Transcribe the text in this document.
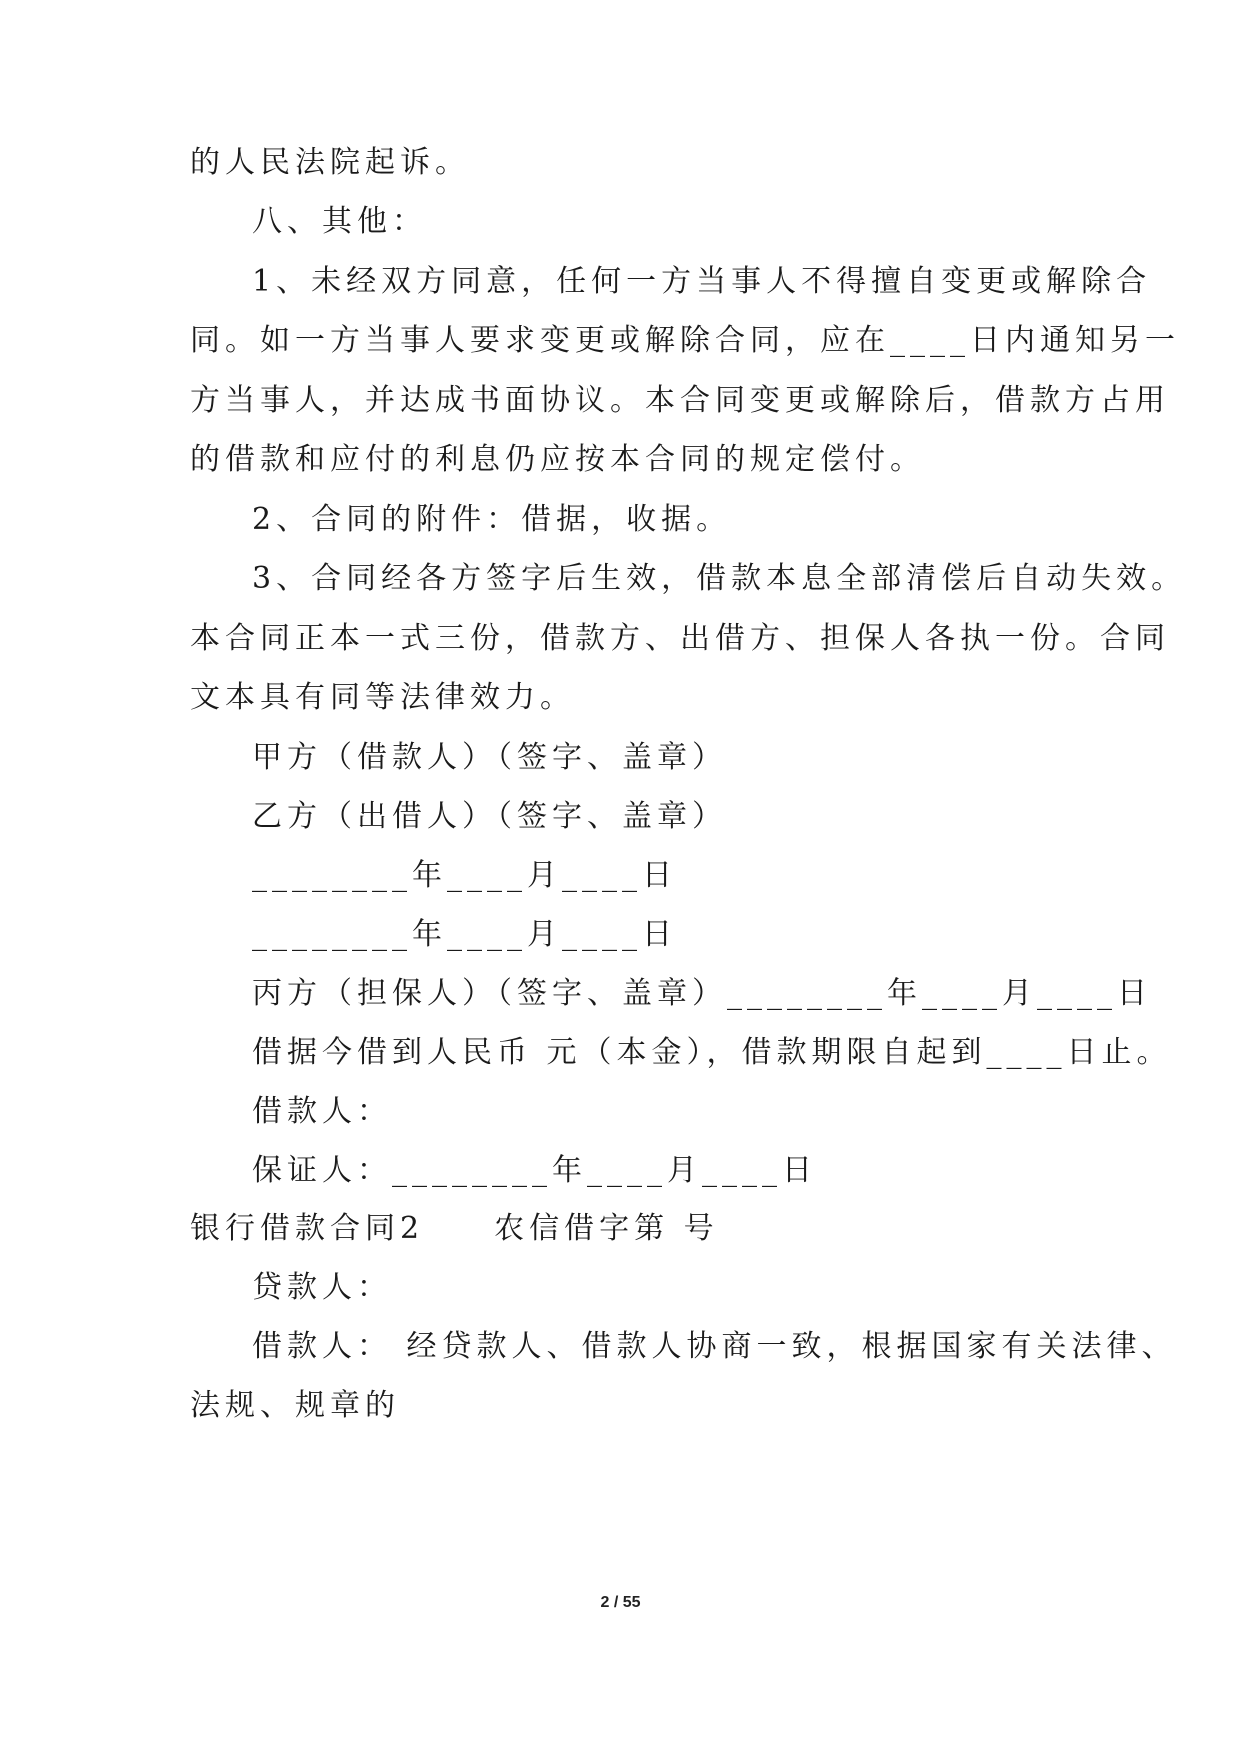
的人民法院起诉。
八、其他：
1、未经双方同意，任何一方当事人不得擅自变更或解除合
同。如一方当事人要求变更或解除合同，应在____日内通知另一
方当事人，并达成书面协议。本合同变更或解除后，借款方占用
的借款和应付的利息仍应按本合同的规定偿付。
2、合同的附件：借据，收据。
3、合同经各方签字后生效，借款本息全部清偿后自动失效。
本合同正本一式三份，借款方、出借方、担保人各执一份。合同
文本具有同等法律效力。
甲方（借款人）（签字、盖章）
乙方（出借人）（签字、盖章）
________年____月____日
________年____月____日
丙方（担保人）（签字、盖章）________年____月____日
借据今借到人民币 元（本金），借款期限自起到____日止。
借款人：
保证人：________年____月____日
银行借款合同2　　农信借字第 号
贷款人：
借款人： 经贷款人、借款人协商一致，根据国家有关法律、
法规、规章的
2 / 55
